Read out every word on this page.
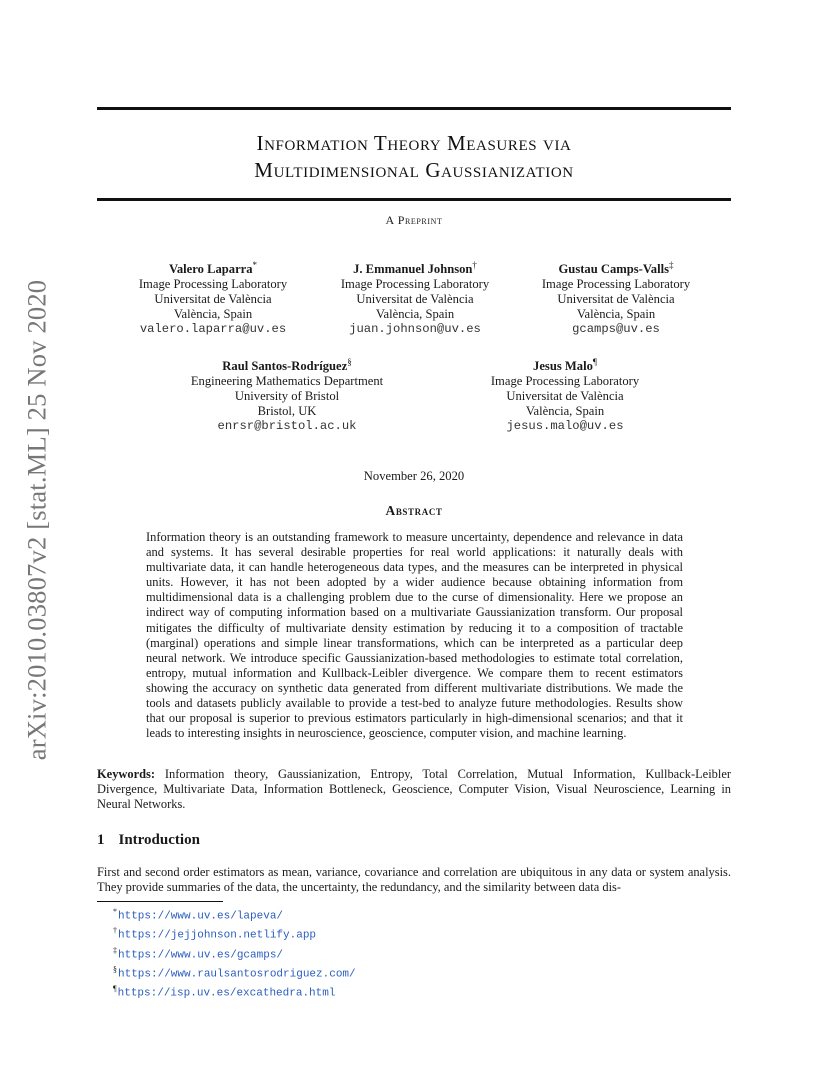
arXiv:2010.03807v2 [stat.ML] 25 Nov 2020
Information Theory Measures via
Multidimensional Gaussianization
A Preprint
Valero Laparra*
Image Processing Laboratory
Universitat de València
València, Spain
valero.laparra@uv.es
J. Emmanuel Johnson†
Image Processing Laboratory
Universitat de València
València, Spain
juan.johnson@uv.es
Gustau Camps-Valls‡
Image Processing Laboratory
Universitat de València
València, Spain
gcamps@uv.es
Raul Santos-Rodríguez§
Engineering Mathematics Department
University of Bristol
Bristol, UK
enrsr@bristol.ac.uk
Jesus Malo¶
Image Processing Laboratory
Universitat de València
València, Spain
jesus.malo@uv.es
November 26, 2020
Abstract

Information theory is an outstanding framework to measure uncertainty, dependence and relevance in data and systems. It has several desirable properties for real world applications: it naturally deals with multivariate data, it can handle heterogeneous data types, and the measures can be interpreted in physical units. However, it has not been adopted by a wider audience because obtaining information from multidimensional data is a challenging problem due to the curse of dimensionality. Here we propose an indirect way of computing information based on a multivariate Gaussianization transform. Our proposal mitigates the difficulty of multivariate density estimation by reducing it to a composition of tractable (marginal) operations and simple linear transformations, which can be interpreted as a particular deep neural network. We introduce specific Gaussianization-based methodologies to estimate total correlation, entropy, mutual information and Kullback-Leibler divergence. We compare them to recent estimators showing the accuracy on synthetic data generated from different multivariate distributions. We made the tools and datasets publicly available to provide a test-bed to analyze future methodologies. Results show that our proposal is superior to previous estimators particularly in high-dimensional scenarios; and that it leads to interesting insights in neuroscience, geoscience, computer vision, and machine learning.

Keywords: Information theory, Gaussianization, Entropy, Total Correlation, Mutual Information, Kullback-Leibler Divergence, Multivariate Data, Information Bottleneck, Geoscience, Computer Vision, Visual Neuroscience, Learning in Neural Networks.

1 Introduction

First and second order estimators as mean, variance, covariance and correlation are ubiquitous in any data or system analysis. They provide summaries of the data, the uncertainty, the redundancy, and the similarity between data dis-

*https://www.uv.es/lapeva/
†https://jejjohnson.netlify.app
‡https://www.uv.es/gcamps/
§https://www.raulsantosrodriguez.com/
¶https://isp.uv.es/excathedra.html
